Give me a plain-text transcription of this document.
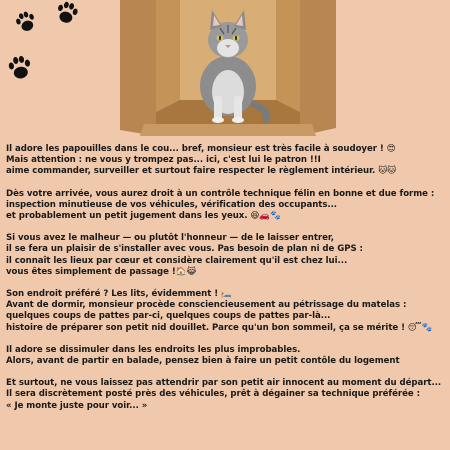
Il adore les papouilles dans le cou... bref, monsieur est très facile à soudoyer ! 😍
Mais attention : ne vous y trompez pas... ici, c'est lui le patron !!I
aime commander, surveiller et surtout faire respecter le règlement intérieur. 🐱🐱
Dès votre arrivée, vous aurez droit à un contrôle technique félin en bonne et due forme :
inspection minutieuse de vos véhicules, vérification des occupants...
et probablement un petit jugement dans les yeux. 😆🚗🐾
Si vous avez le malheur — ou plutôt l'honneur — de le laisser entrer,
il se fera un plaisir de s'installer avec vous. Pas besoin de plan ni de GPS :
il connaît les lieux par cœur et considère clairement qu'il est chez lui...
vous êtes simplement de passage !🏠😹
Son endroit préféré ? Les lits, évidemment ! 🛏️
Avant de dormir, monsieur procède consciencieusement au pétrissage du matelas :
quelques coups de pattes par-ci, quelques coups de pattes par-là...
histoire de préparer son petit nid douillet. Parce qu'un bon sommeil, ça se mérite ! 😴🐾
Il adore se dissimuler dans les endroits les plus improbables.
Alors, avant de partir en balade, pensez bien à faire un petit contôle du logement
Et surtout, ne vous laissez pas attendrir par son petit air innocent au moment du départ...
Il sera discrètement posté près des véhicules, prêt à dégainer sa technique préférée :
« Je monte juste pour voir... »
